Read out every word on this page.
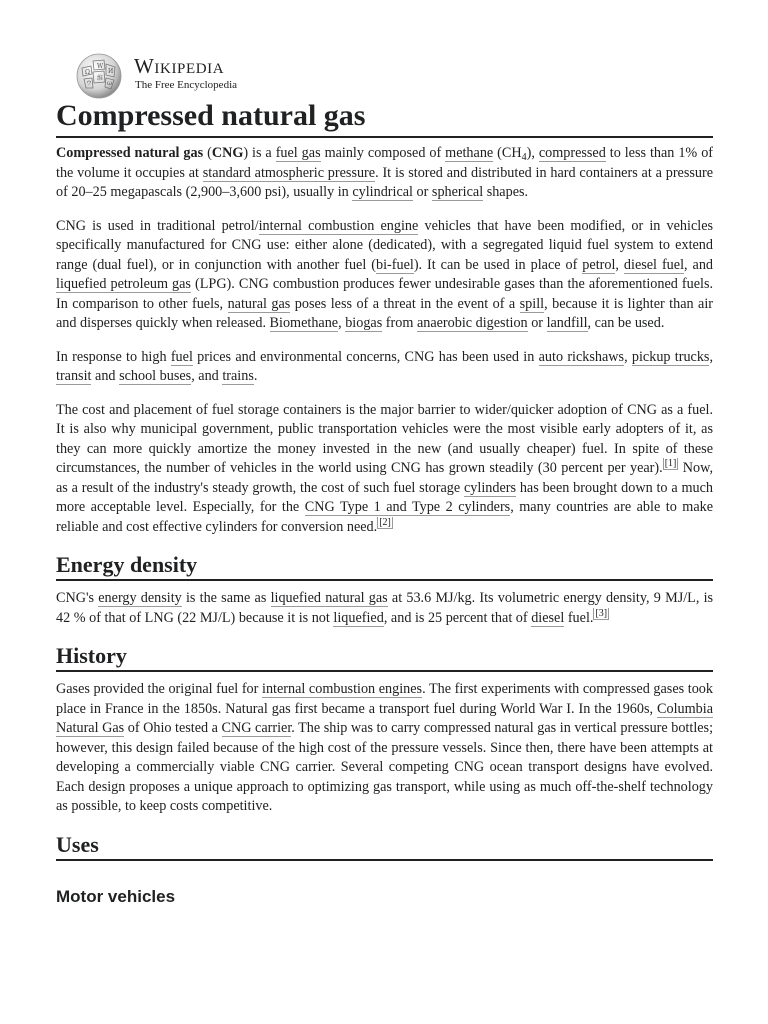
Ω
W
И
维
ウ ω
Wikipedia
The Free Encyclopedia
Compressed natural gas

Compressed natural gas (CNG) is a fuel gas mainly composed of methane $(CH_4)$, compressed to less than 1% of the volume it occupies at standard atmospheric pressure. It is stored and distributed in hard containers at a pressure of 20–25 megapascals (2,900–3,600 psi), usually in cylindrical or spherical shapes.

CNG is used in traditional petrol/internal combustion engine vehicles that have been modified, or in vehicles specifically manufactured for CNG use: either alone (dedicated), with a segregated liquid fuel system to extend range (dual fuel), or in conjunction with another fuel (bi-fuel). It can be used in place of petrol, diesel fuel, and liquefied petroleum gas (LPG). CNG combustion produces fewer undesirable gases than the aforementioned fuels. In comparison to other fuels, natural gas poses less of a threat in the event of a spill, because it is lighter than air and disperses quickly when released. Biomethane, biogas from anaerobic digestion or landfill, can be used.

In response to high fuel prices and environmental concerns, CNG has been used in auto rickshaws, pickup trucks, transit and school buses, and trains.

The cost and placement of fuel storage containers is the major barrier to wider/quicker adoption of CNG as a fuel. It is also why municipal government, public transportation vehicles were the most visible early adopters of it, as they can more quickly amortize the money invested in the new (and usually cheaper) fuel. In spite of these circumstances, the number of vehicles in the world using CNG has grown steadily (30 percent per year). [1] Now, as a result of the industry's steady growth, the cost of such fuel storage cylinders has been brought down to a much more acceptable level. Especially, for the CNG Type 1 and Type 2 cylinders, many countries are able to make reliable and cost effective cylinders for conversion need. [2]

Energy density

CNG's energy density is the same as liquefied natural gas at 53.6 MJ/kg. Its volumetric energy density, 9 MJ/L, is 42 % of that of LNG (22 MJ/L) because it is not liquefied, and is 25 percent that of diesel fuel. [3]

History

Gases provided the original fuel for internal combustion engines. The first experiments with compressed gases took place in France in the 1850s. Natural gas first became a transport fuel during World War I. In the 1960s, Columbia Natural Gas of Ohio tested a CNG carrier. The ship was to carry compressed natural gas in vertical pressure bottles; however, this design failed because of the high cost of the pressure vessels. Since then, there have been attempts at developing a commercially viable CNG carrier. Several competing CNG ocean transport designs have evolved. Each design proposes a unique approach to optimizing gas transport, while using as much off-the-shelf technology as possible, to keep costs competitive.

Uses
Motor vehicles
